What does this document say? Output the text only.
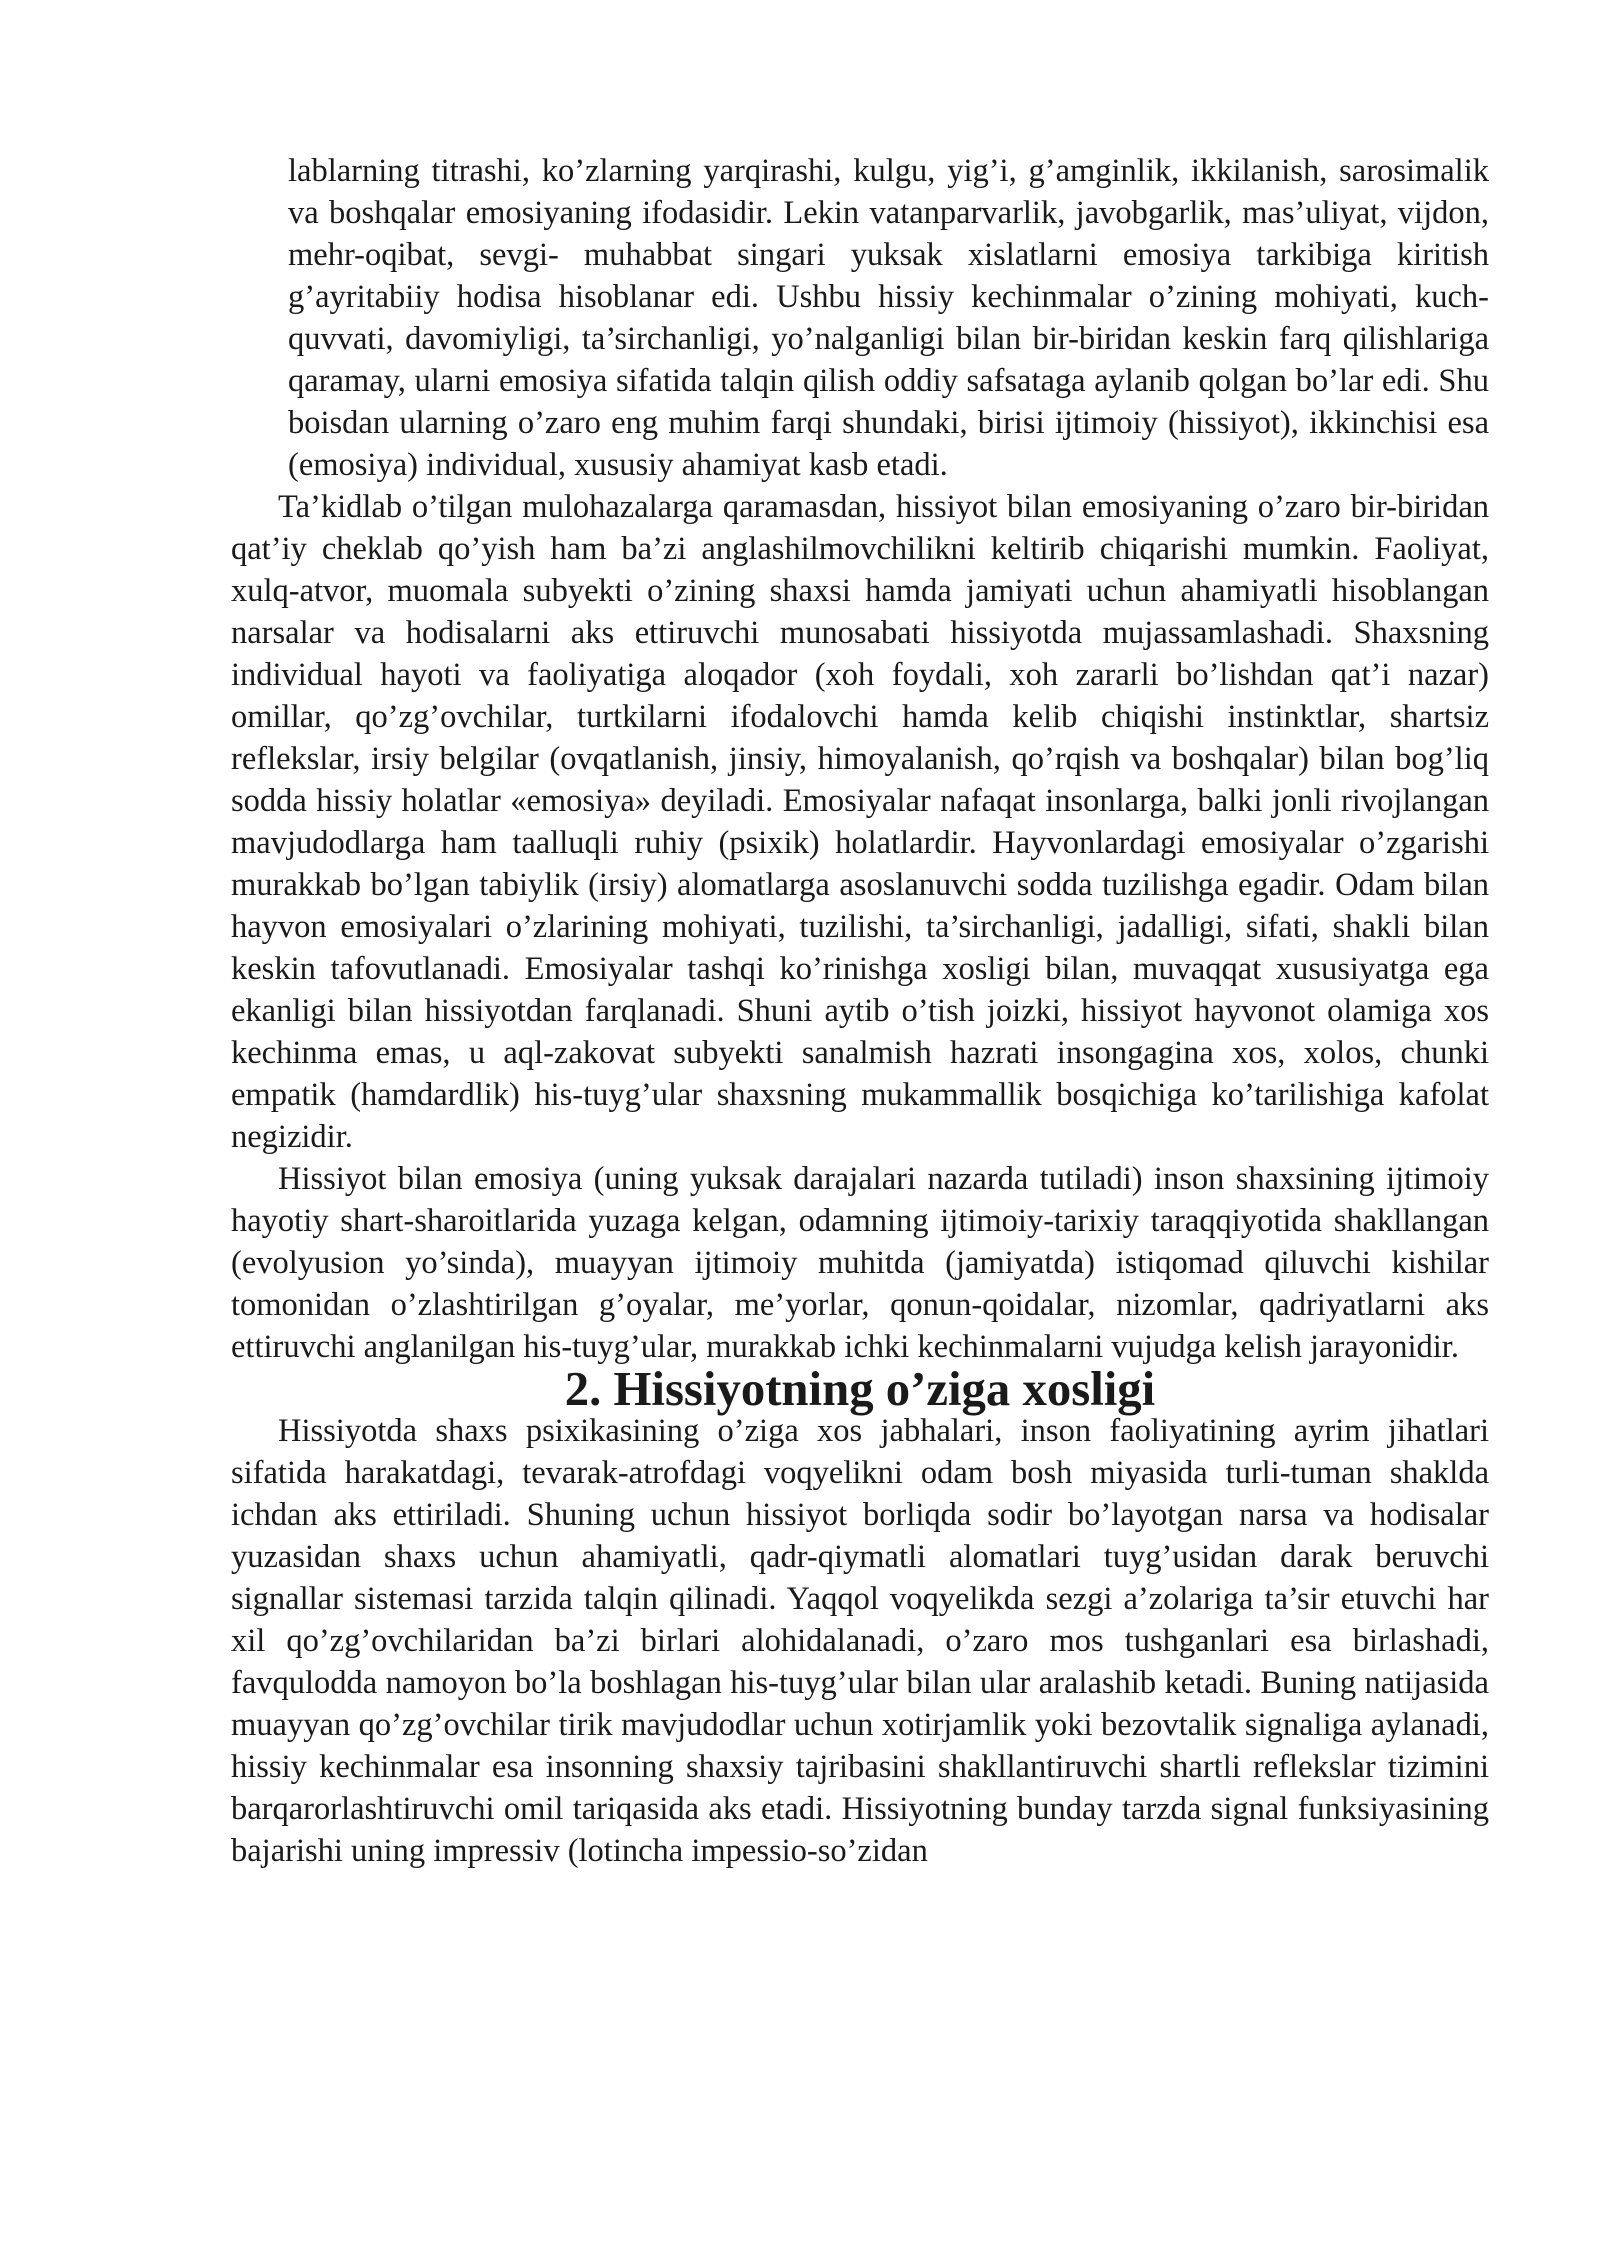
lablarning titrashi, ko’zlarning yarqirashi, kulgu, yig’i, g’amginlik, ikkilanish, sarosimalik va boshqalar emosiyaning ifodasidir. Lekin vatanparvarlik, javobgarlik, mas’uliyat, vijdon, mehr-oqibat, sevgi- muhabbat singari yuksak xislatlarni emosiya tarkibiga kiritish g’ayritabiiy hodisa hisoblanar edi. Ushbu hissiy kechinmalar o’zining mohiyati, kuch-quvvati, davomiyligi, ta’sirchanligi, yo’nalganligi bilan bir-biridan keskin farq qilishlariga qaramay, ularni emosiya sifatida talqin qilish oddiy safsataga aylanib qolgan bo’lar edi. Shu boisdan ularning o’zaro eng muhim farqi shundaki, birisi ijtimoiy (hissiyot), ikkinchisi esa (emosiya) individual, xususiy ahamiyat kasb etadi.

Ta’kidlab o’tilgan mulohazalarga qaramasdan, hissiyot bilan emosiyaning o’zaro bir-biridan qat’iy cheklab qo’yish ham ba’zi anglashilmovchilikni keltirib chiqarishi mumkin. Faoliyat, xulq-atvor, muomala subyekti o’zining shaxsi hamda jamiyati uchun ahamiyatli hisoblangan narsalar va hodisalarni aks ettiruvchi munosabati hissiyotda mujassamlashadi. Shaxsning individual hayoti va faoliyatiga aloqador (xoh foydali, xoh zararli bo’lishdan qat’i nazar) omillar, qo’zg’ovchilar, turtkilarni ifodalovchi hamda kelib chiqishi instinktlar, shartsiz reflekslar, irsiy belgilar (ovqatlanish, jinsiy, himoyalanish, qo’rqish va boshqalar) bilan bog’liq sodda hissiy holatlar «emosiya» deyiladi. Emosiyalar nafaqat insonlarga, balki jonli rivojlangan mavjudodlarga ham taalluqli ruhiy (psixik) holatlardir. Hayvonlardagi emosiyalar o’zgarishi murakkab bo’lgan tabiylik (irsiy) alomatlarga asoslanuvchi sodda tuzilishga egadir. Odam bilan hayvon emosiyalari o’zlarining mohiyati, tuzilishi, ta’sirchanligi, jadalligi, sifati, shakli bilan keskin tafovutlanadi. Emosiyalar tashqi ko’rinishga xosligi bilan, muvaqqat xususiyatga ega ekanligi bilan hissiyotdan farqlanadi. Shuni aytib o’tish joizki, hissiyot hayvonot olamiga xos kechinma emas, u aql-zakovat subyekti sanalmish hazrati insongagina xos, xolos, chunki empatik (hamdardlik) his-tuyg’ular shaxsning mukammallik bosqichiga ko’tarilishiga kafolat negizidir.

Hissiyot bilan emosiya (uning yuksak darajalari nazarda tutiladi) inson shaxsining ijtimoiy hayotiy shart-sharoitlarida yuzaga kelgan, odamning ijtimoiy-tarixiy taraqqiyotida shakllangan (evolyusion yo’sinda), muayyan ijtimoiy muhitda (jamiyatda) istiqomad qiluvchi kishilar tomonidan o’zlashtirilgan g’oyalar, me’yorlar, qonun-qoidalar, nizomlar, qadriyatlarni aks ettiruvchi anglanilgan his-tuyg’ular, murakkab ichki kechinmalarni vujudga kelish jarayonidir.

2. Hissiyotning o’ziga xosligi

Hissiyotda shaxs psixikasining o’ziga xos jabhalari, inson faoliyatining ayrim jihatlari sifatida harakatdagi, tevarak-atrofdagi voqyelikni odam bosh miyasida turli-tuman shaklda ichdan aks ettiriladi. Shuning uchun hissiyot borliqda sodir bo’layotgan narsa va hodisalar yuzasidan shaxs uchun ahamiyatli, qadr-qiymatli alomatlari tuyg’usidan darak beruvchi signallar sistemasi tarzida talqin qilinadi. Yaqqol voqyelikda sezgi a’zolariga ta’sir etuvchi har xil qo’zg’ovchilaridan ba’zi birlari alohidalanadi, o’zaro mos tushganlari esa birlashadi, favqulodda namoyon bo’la boshlagan his-tuyg’ular bilan ular aralashib ketadi. Buning natijasida muayyan qo’zg’ovchilar tirik mavjudodlar uchun xotirjamlik yoki bezovtalik signaliga aylanadi, hissiy kechinmalar esa insonning shaxsiy tajribasini shakllantiruvchi shartli reflekslar tizimini barqarorlashtiruvchi omil tariqasida aks etadi. Hissiyotning bunday tarzda signal funksiyasining bajarishi uning impressiv (lotincha impessio-so’zidan
